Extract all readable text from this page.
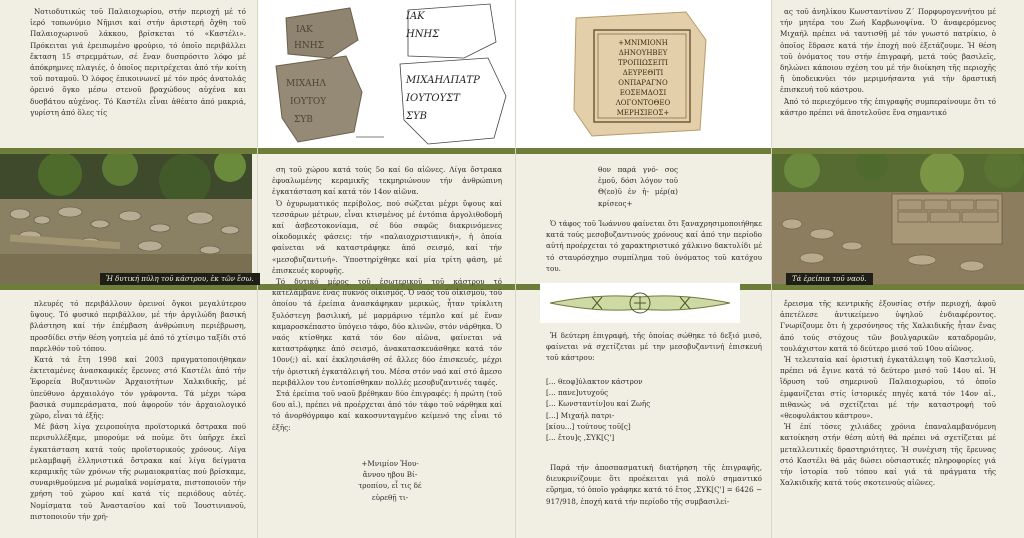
Νοτιοδυτικώς τοῦ Παλαιοχωρίου, στήν περιοχή μέ τό ἱερό τοπωνύμιο Νῆμισι καί στήν ἀριστερή ὄχθη τοῦ Παλαιοχωρινοῦ λάκκου, βρίσκεται τό «Καστέλι». Πρόκειται γιά ἐρειπωμένο φρούριο, τό ὁποῖο περιβάλλει ἔκταση 15 στρεμμάτων, σέ ἕναν δυσπρόσιτο λόφο μέ ἀπόκρημνες πλαγιές, ὁ ὁποῖος περιτρέχεται ἀπό τήν κοίτη τοῦ ποταμοῦ. Ὁ λόφος ἐπικοινωνεῖ μέ τόν πρός ἀνατολάς ὀρεινό ὄγκο μέσω στενοῦ βραχώδους αὐχένα και δυσβάτου αὐχένος. Τό Καστέλι εἶναι ἀθέατο ἀπό μακριά, γυρίστη ἀπό ὅλες τίς

Ἡ δυτική πύλη τοῦ κάστρου, ἐκ τῶν ἔσω.

πλευρές τό περιβάλλουν ὀρεινοί ὄγκοι μεγαλύτερου ὕψους. Τό φυσικό περιβάλλον, μέ τήν ἀργιλώδη βασική βλάστηση καί τήν ἐπέμβαση ἀνθρώπινη περιέβρωση, προσδίδει στήν θέση γοητεία μέ ἀπό τό χτίσιμο ταξίδι στό παρελθόν τοῦ τόπου.

Κατά τά ἔτη 1998 καί 2003 πραγματοποιήθηκαν ἐκτεταμένες ἀνασκαφικές ἔρευνες στό Καστέλι ἀπό τήν Ἐφορεία Βυζαντινῶν Ἀρχαιοτήτων Χαλκιδικῆς, μέ ὑπεύθυνο ἀρχαιολόγο τόν γράφοντα. Τά μέχρι τώρα βασικά συμπεράσματα, πού ἀφοροῦν τόν ἀρχαιολογικό χῶρο, εἶναι τά ἑξῆς:

Μέ βάση λίγα χειροποίητα προϊστορικά ὄστρακα πού περισυλλέξαμε, μπορούμε νά ποῦμε ὅτι ὑπῆρχε ἐκεῖ ἐγκατάσταση κατά τούς προϊστορικούς χρόνους. Λίγα μελαμβαφῆ ἑλληνιστικά ὄστρακα καί λίγα δείγματα κεραμικῆς τῶν χρόνων τῆς ρωμαιοκρατίας πού βρίσκαμε, συναριθμούμενα μέ ρωμαϊκά νομίσματα, πιστοποιοῦν τήν χρήση τοῦ χώρου καί κατά τίς περιόδους αὐτές. Νομίσματα τοῦ Ἀναστασίου καί τοῦ Ἰουστινιανοῦ, πιστοποιοῦν τήν χρή-

ΙΑΚ
ΗΝΗΣ
ΜΙΧΑΗΛ
ΙΟΥΤΟΥ
ΣΥΒ
ΙΑΚ
ΗΝΗΣ
ΜΙΧΑΗΛΠΑΤΡ
ΙΟΥΤΟΥΣΤ
ΣΥΒ

ση τοῦ χώρου κατά τούς 5ο καί 6ο αἰῶνες. Λίγα ὄστρακα ἐφυαλωμένης κεραμικῆς τεκμηριώνουν τήν ἀνθρώπινη ἐγκατάσταση καί κατά τόν 14ον αἰῶνα.

Ὁ ὀχυρωματικός περίβολος, πού σώζεται μέχρι ὕψους καί τεσσάρων μέτρων, εἶναι κτισμένος μέ ἐντόπια ἀργολιθοδομή καί ἀσβεστοκονίαμα, σέ δύο σαφῶς διακρινόμενες οἰκοδομικές φάσεις: τήν «παλαιοχριστιανική», ἡ ὁποία φαίνεται νά καταστράφηκε ἀπό σεισμό, καί τήν «μεσοβυζαντινή». Ὑποστηρίχθηκε καί μία τρίτη φάση, μέ ἐπισκευές κορυφῆς.

Τό δυτικό μέρος τοῦ ἐσωτερικοῦ τοῦ κάστρου τό κατελάμβανε ἕνας πυκνός οἰκισμός. Ὁ ναός τοῦ οἰκισμοῦ, τοῦ ὁποίου τά ἐρείπια ἀνασκάφηκαν μερικώς, ἦταν τρίκλιτη ξυλόστεγη βασιλική, μέ μαρμάρινο τέμπλο καί μέ ἕναν καμαροσκέπαστο ὑπόγειο τάφο, δύο κλινῶν, στόν νάρθηκα. Ὁ ναός κτίσθηκε κατά τόν 6ον αἰῶνα, φαίνεται νά καταστράφηκε ἀπό σεισμό, ἀνακατασκευάσθηκε κατά τόν 10ον(;) αἰ. καί ἐκκλησιάσθη σέ ἄλλες δύο ἐπισκευές, μέχρι τήν ὁριστική ἐγκατάλειψή του. Μέσα στόν ναό καί στό ἄμεσο περιβάλλον του ἐντοπίσθηκαν πολλές μεσοβυζαντινές ταφές.

Στά ἐρείπια τοῦ ναοῦ βρέθηκαν δύο ἐπιγραφές: ἡ πρώτη (τοῦ 6ου αἰ.), πρέπει νά προέρχεται ἀπό τόν τάφο τοῦ νάρθηκα καί τό ἀνορθόγραφο καί κακοσυνταγμένο κείμενό της εἶναι τό ἑξῆς:

+Μνιμίον Ἠου- ἄννου ηβου Βί- τροπίου, εἶ τις δέ εὑρεθῇ τι-
+ΜΝΙΜΙΟΝΗ
ΔΗΝΟΥΗΒΕΥ
ΤΡΟΠΙΩΣΕΙΤΙ
ΔΕΥΡΕΘΙΤΙ
ΟΝΠΑΡΑΓΝΟ
ΕΟΣΕΜΔΟΣΙ
ΛΟΓΟΝΤΟΘΕΟ
ΜΕΡΗΣΙΕΟΣ+
θον παρά γνό- σος ἐμοῦ, δόσι λόγον τοῦ Θ(εο)ῦ ἐν ἡ- μέρ(α) κρίσεος+

Ὁ τάφος τοῦ Ἰωάννου φαίνεται ὅτι ξαναχρησιμοποιήθηκε κατά τούς μεσοβυζαντινούς χρόνους καί ἀπό την περίοδο αὐτή προέρχεται τό χαρακτηριστικό χάλκινο δακτυλίδι μέ τό σταυρόσχημο συμπίλημα τοῦ ὀνόματος τοῦ κατόχου του.

Ἡ δεύτερη ἐπιγραφή, τῆς ὁποίας σώθηκε τό δεξιό μισό, φαίνεται νά σχετίζεται μέ την μεσοβυζαντινή ἐπισκευή τοῦ κάστρου:

[... θεοφ]ύλακτον κάστρον
[... πανε]υτυχούς
[... Κωνσταντίν]ου καί Ζωῆς
[...] Μιχαήλ πατρι-
[κίου...] τούτους τοῦ[ς]
[... ἔτου]ς ,ΣΥΚ[Ϛ']

Παρά τήν ἀποσπασματική διατήρηση τῆς ἐπιγραφῆς, διευκρινίζουμε ὅτι προέκειται γιά πολύ σημαντικό εὕρημα, τό ὁποῖο γράφηκε κατά τό ἔτος ,ΣΥΚ[Ϛ'] = 6426 − 917/918, ἐποχή κατά τήν περίοδο τῆς συμβασιλεί-

ας τοῦ ἀνηλίκου Κωνσταντίνου Ζ´ Πορφυρογεννήτου μέ τήν μητέρα του Ζωή Καρβωνοψίνα. Ὁ ἀναφερόμενος Μιχαήλ πρέπει νά ταυτισθῇ μέ τόν γνωστό πατρίκιο, ὁ ὁποῖος ἔδρασε κατά τήν ἐποχή πού ἐξετάζουμε. Ἡ θέση τοῦ ὀνόματος του στήν ἐπιγραφή, μετά τούς βασιλεῖς, δηλώνει κάποιου σχέση του μέ τήν διοίκηση τῆς περιοχῆς ἤ ὑποδεικνύει τόν μεριμνήσαντα γιά τήν δραστική ἐπισκευή τοῦ κάστρου.

Ἀπό τό περιεχόμενο τῆς ἐπιγραφῆς συμπεραίνουμε ὅτι τό κάστρο πρέπει νά ἀποτελοῦσε ἕνα σημαντικό

Τά ἐρείπια τοῦ ναοῦ.

ἔρεισμα τῆς κεντρικῆς ἐξουσίας στήν περιοχή, ἀφοῦ ἀπετέλεσε ἀντικείμενο ὑψηλοῦ ἐνδιαφέροντος. Γνωρίζουμε ὅτι ἡ χερσόνησος τῆς Χαλκιδικῆς ἦταν ἕνας ἀπό τούς στόχους τῶν βουλγαρικῶν καταδρομῶν, τουλάχιστον κατά τό δεύτερο μισό τοῦ 10ου αἰῶνος.

Ἡ τελευταία καί ὁριστική ἐγκατάλειψη τοῦ Καστελιοῦ, πρέπει νά ἔγινε κατά τό δεύτερο μισό τοῦ 14ου αἰ. Ἡ ἵδρυση τοῦ σημερινοῦ Παλαιοχωρίου, τό ὁποῖο ἐμφανίζεται στίς ἱστορικές πηγές κατά τόν 14ον αἰ., πιθανώς νά σχετίζεται μέ τήν καταστροφή τοῦ «θεοφυλάκτου κάστρου».

Ἡ ἐπί τόσες χιλιάδες χρόνια ἐπαναλαμβανόμενη κατοίκηση στήν θέση αὐτή θά πρέπει νά σχετίζεται μέ μεταλλευτικές δραστηριότητες. Ἡ συνέχιση τῆς ἔρευνας στό Καστέλι θά μᾶς δώσει οὐσιαστικές πληροφορίες γιά τήν ἱστορία τοῦ τόπου καί γιά τά πράγματα τῆς Χαλκιδικῆς κατά τούς σκοτεινούς αἰῶνες.
